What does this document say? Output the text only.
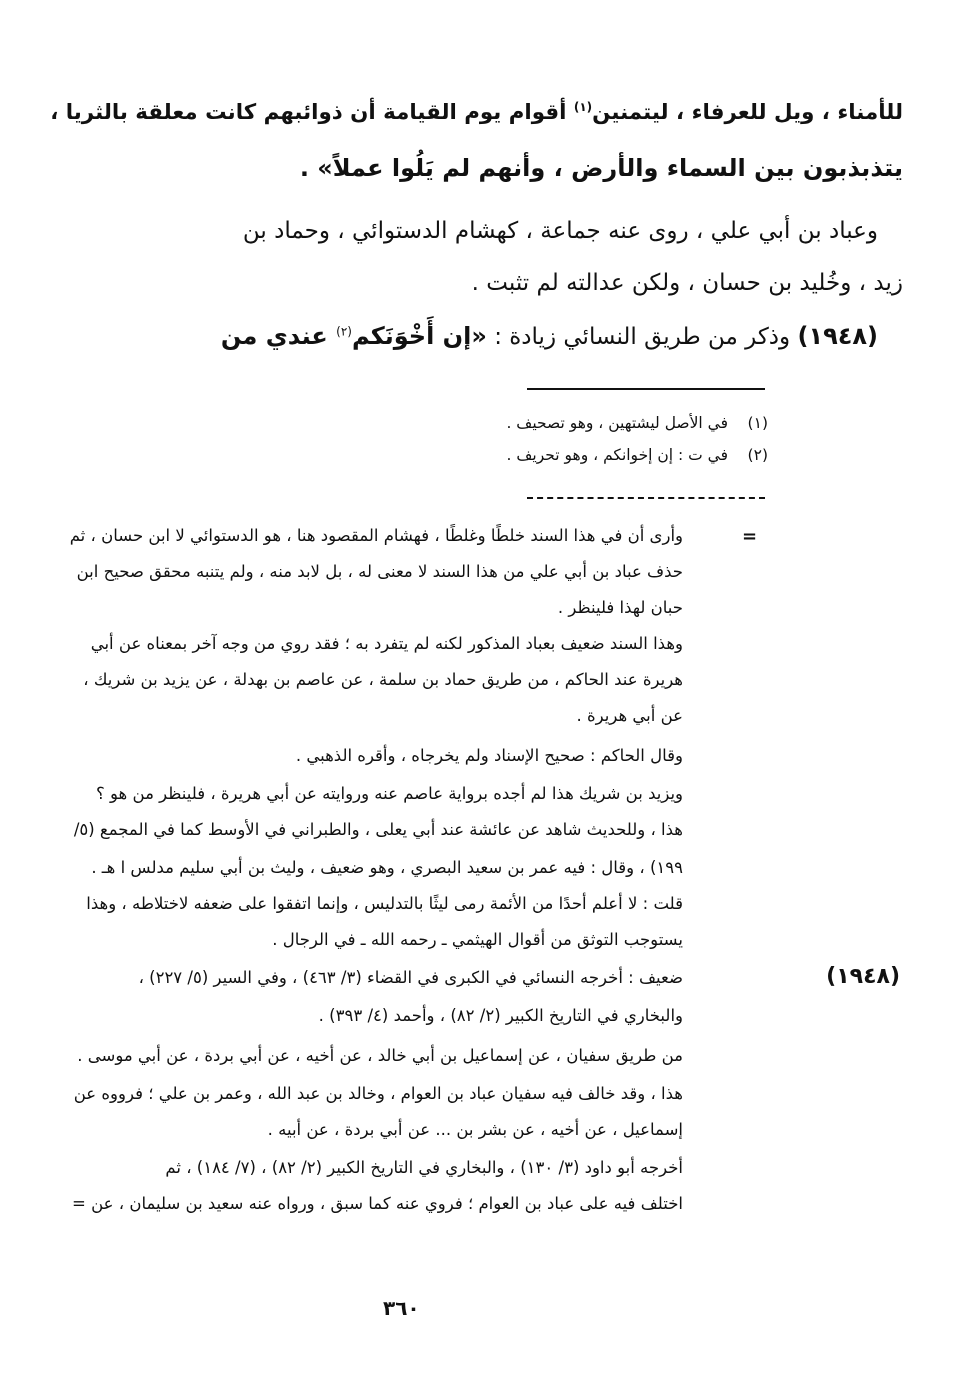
للأمناء ، ويل للعرفاء ، ليتمنين$^{(١)}$ أقوام يوم القيامة أن ذوائبهم كانت معلقة بالثريا ،
يتذبذبون بين السماء والأرض ، وأنهم لم يَلُوا عملاً» .
وعباد بن أبي علي ، روى عنه جماعة ، كهشام الدستوائي ، وحماد بن
زيد ، وخُليد بن حسان ، ولكن عدالته لم تثبت .
(١٩٤٨) وذكر من طريق النسائي زيادة : «إن أَخْوَنَكم$^{(٢)}$ عندي من
(١)في الأصل ليشتهين ، وهو تصحيف .
(٢)في ت : إن إخوانكم ، وهو تحريف .
=
وأرى أن في هذا السند خلطًا وغلطًا ، فهشام المقصود هنا ، هو الدستوائي لا ابن حسان ، ثم
حذف عباد بن أبي علي من هذا السند لا معنى له ، بل لابد منه ، ولم يتنبه محقق صحيح ابن
حبان لهذا فلينظر .
وهذا السند ضعيف بعباد المذكور لكنه لم يتفرد به ؛ فقد روي من وجه آخر بمعناه عن أبي
هريرة عند الحاكم ، من طريق حماد بن سلمة ، عن عاصم بن بهدلة ، عن يزيد بن شريك ،
عن أبي هريرة .
وقال الحاكم : صحيح الإسناد ولم يخرجاه ، وأقره الذهبي .
ويزيد بن شريك هذا لم أجده برواية عاصم عنه وروايته عن أبي هريرة ، فلينظر من هو ؟
هذا ، وللحديث شاهد عن عائشة عند أبي يعلى ، والطبراني في الأوسط كما في المجمع (٥/
١٩٩) ، وقال : فيه عمر بن سعيد البصري ، وهو ضعيف ، وليث بن أبي سليم مدلس ا هـ .
قلت : لا أعلم أحدًا من الأئمة رمى ليثًا بالتدليس ، وإنما اتفقوا على ضعفه لاختلاطه ، وهذا
يستوجب التوثق من أقوال الهيثمي ـ رحمه الله ـ في الرجال .
(١٩٤٨)
ضعيف : أخرجه النسائي في الكبرى في القضاء (٣/ ٤٦٣) ، وفي السير (٥/ ٢٢٧) ،
والبخاري في التاريخ الكبير (٢/ ٨٢) ، وأحمد (٤/ ٣٩٣) .
من طريق سفيان ، عن إسماعيل بن أبي خالد ، عن أخيه ، عن أبي بردة ، عن أبي موسى .
هذا ، وقد خالف فيه سفيان عباد بن العوام ، وخالد بن عبد الله ، وعمر بن علي ؛ فرووه عن
إسماعيل ، عن أخيه ، عن بشر بن ... عن أبي بردة ، عن أبيه .
أخرجه أبو داود (٣/ ١٣٠) ، والبخاري في التاريخ الكبير (٢/ ٨٢) ، (٧/ ١٨٤) ، ثم
اختلف فيه على عباد بن العوام ؛ فروي عنه كما سبق ، ورواه عنه سعيد بن سليمان ، عن =
٣٦٠
